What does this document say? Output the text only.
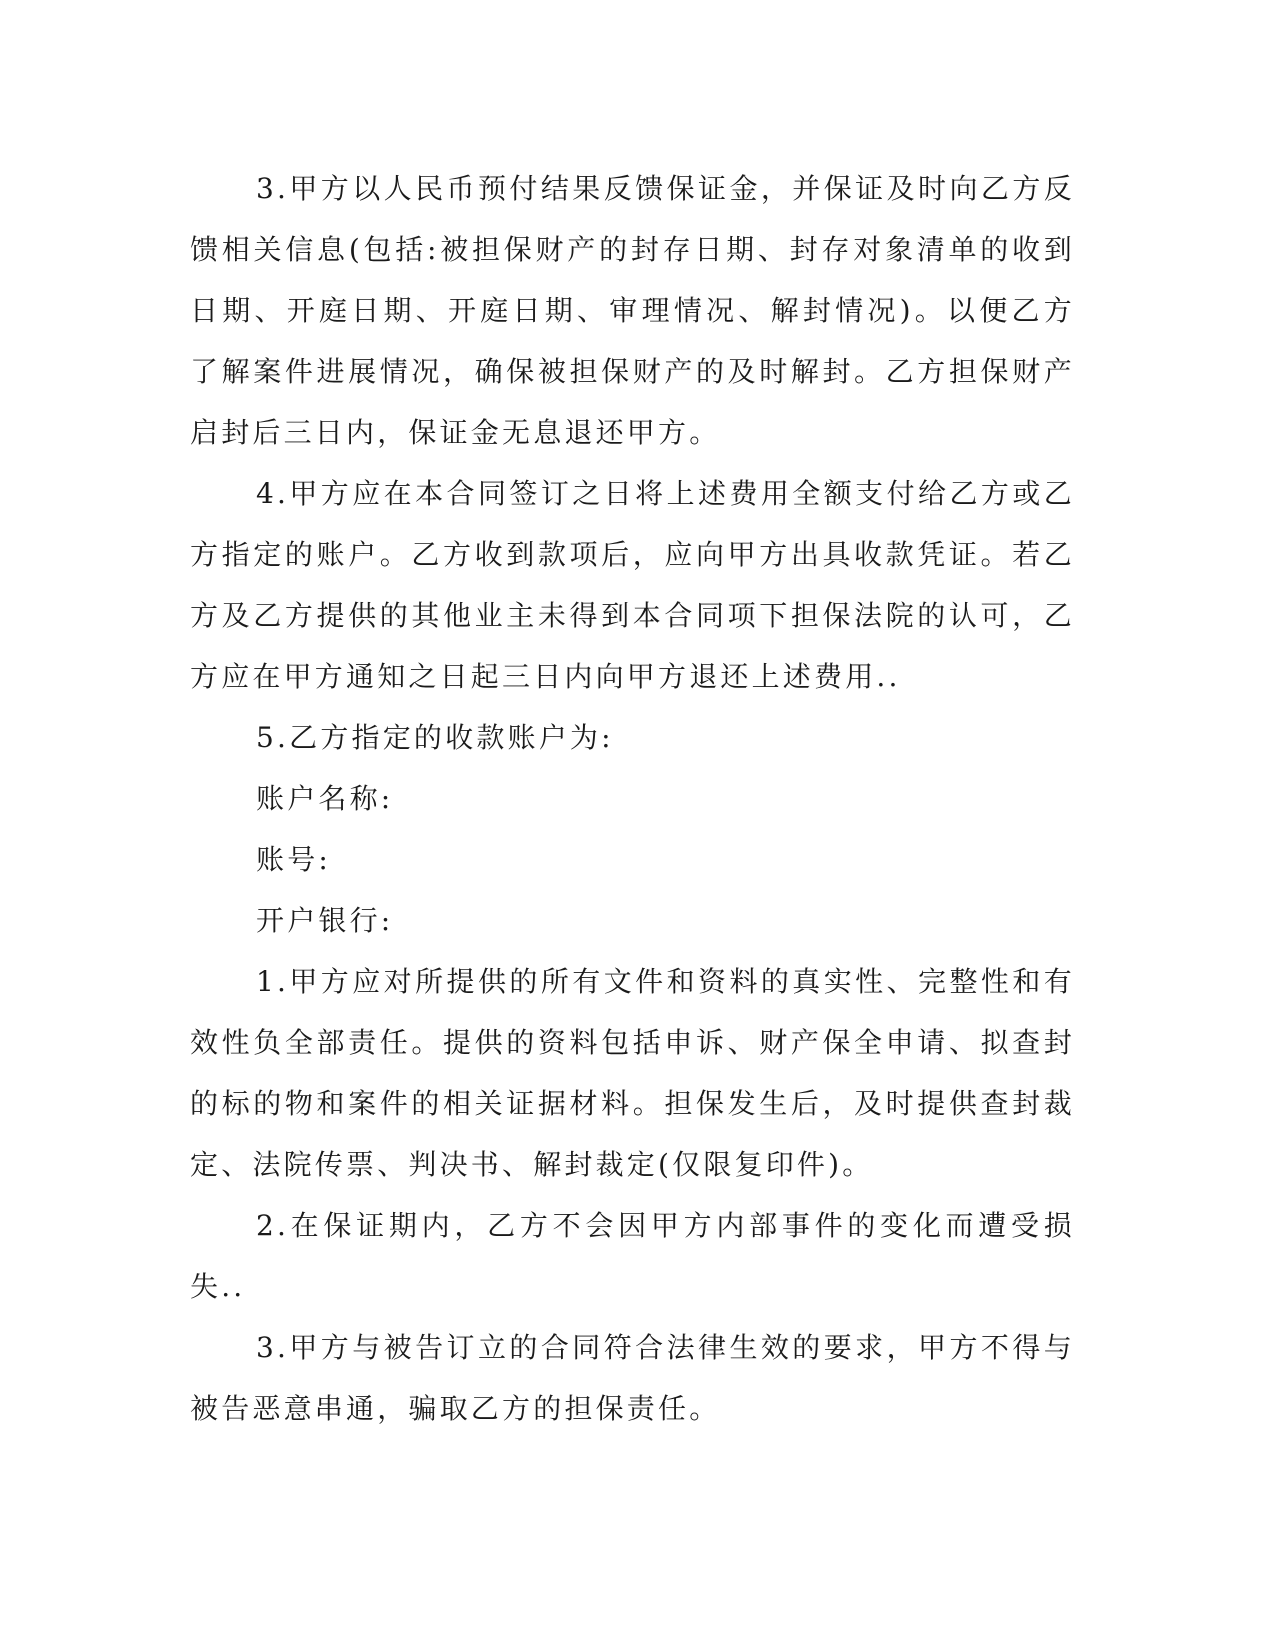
3.甲方以人民币预付结果反馈保证金，并保证及时向乙方反馈相关信息(包括:被担保财产的封存日期、封存对象清单的收到日期、开庭日期、开庭日期、审理情况、解封情况)。以便乙方了解案件进展情况，确保被担保财产的及时解封。乙方担保财产启封后三日内，保证金无息退还甲方。

4.甲方应在本合同签订之日将上述费用全额支付给乙方或乙方指定的账户。乙方收到款项后，应向甲方出具收款凭证。若乙方及乙方提供的其他业主未得到本合同项下担保法院的认可，乙方应在甲方通知之日起三日内向甲方退还上述费用..

5.乙方指定的收款账户为:

账户名称:

账号:

开户银行:

1.甲方应对所提供的所有文件和资料的真实性、完整性和有效性负全部责任。提供的资料包括申诉、财产保全申请、拟查封的标的物和案件的相关证据材料。担保发生后，及时提供查封裁定、法院传票、判决书、解封裁定(仅限复印件)。

2.在保证期内，乙方不会因甲方内部事件的变化而遭受损失..

3.甲方与被告订立的合同符合法律生效的要求，甲方不得与被告恶意串通，骗取乙方的担保责任。
